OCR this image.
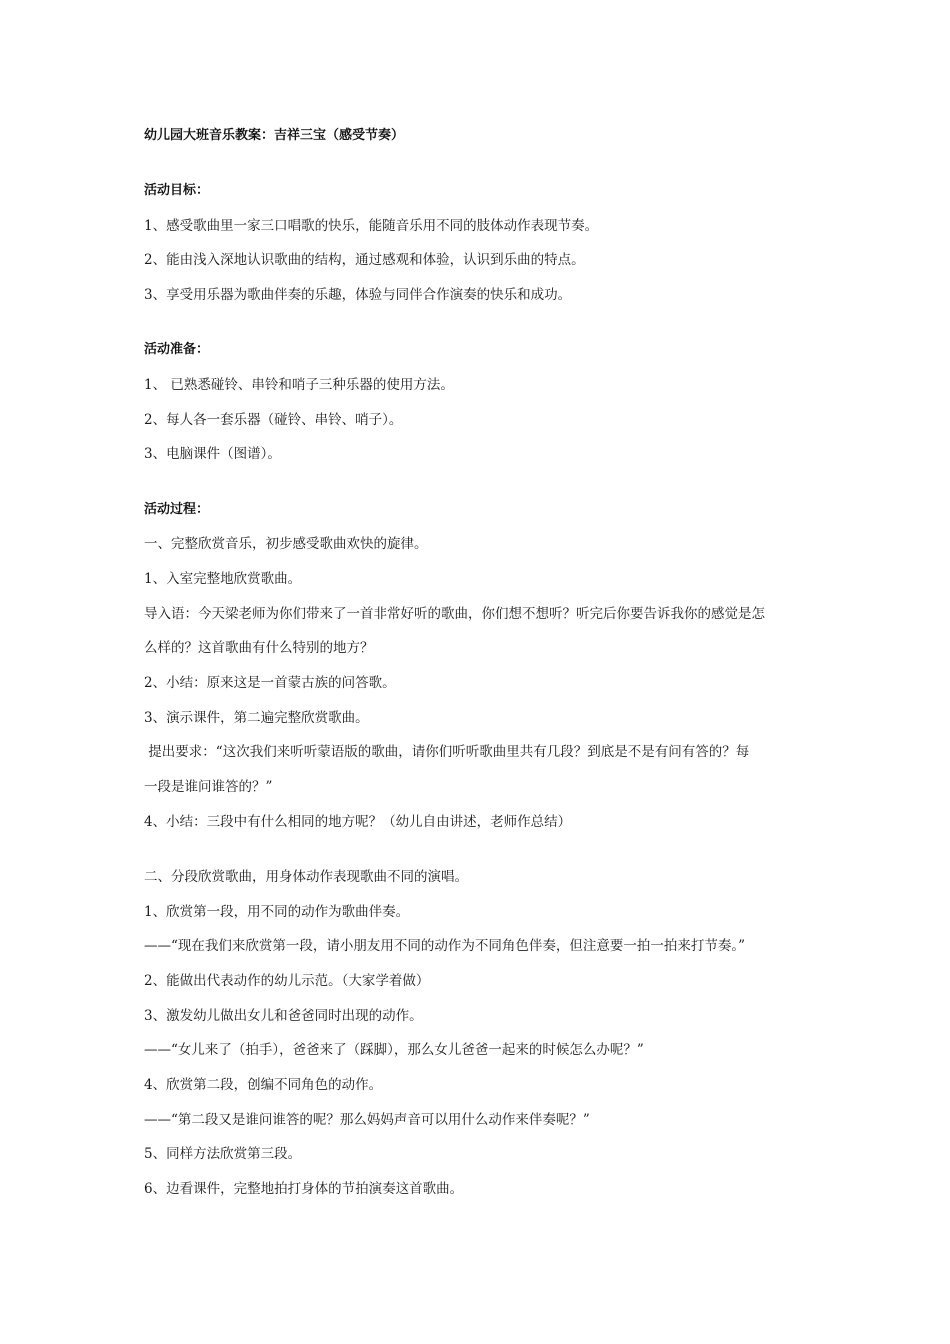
幼儿园大班音乐教案：吉祥三宝（感受节奏）
活动目标：
1、感受歌曲里一家三口唱歌的快乐，能随音乐用不同的肢体动作表现节奏。
2、能由浅入深地认识歌曲的结构，通过感观和体验，认识到乐曲的特点。
3、享受用乐器为歌曲伴奏的乐趣，体验与同伴合作演奏的快乐和成功。
活动准备：
1、 已熟悉碰铃、串铃和哨子三种乐器的使用方法。
2、每人各一套乐器（碰铃、串铃、哨子）。
3、电脑课件（图谱）。
活动过程：
一、完整欣赏音乐，初步感受歌曲欢快的旋律。
1、入室完整地欣赏歌曲。
导入语：今天梁老师为你们带来了一首非常好听的歌曲，你们想不想听？听完后你要告诉我你的感觉是怎
么样的？这首歌曲有什么特别的地方？
2、小结：原来这是一首蒙古族的问答歌。
3、演示课件，第二遍完整欣赏歌曲。
提出要求：“这次我们来听听蒙语版的歌曲，请你们听听歌曲里共有几段？到底是不是有问有答的？每
一段是谁问谁答的？”
4、小结：三段中有什么相同的地方呢？（幼儿自由讲述，老师作总结）
二、分段欣赏歌曲，用身体动作表现歌曲不同的演唱。
1、欣赏第一段，用不同的动作为歌曲伴奏。
——“现在我们来欣赏第一段，请小朋友用不同的动作为不同角色伴奏，但注意要一拍一拍来打节奏。”
2、能做出代表动作的幼儿示范。（大家学着做）
3、激发幼儿做出女儿和爸爸同时出现的动作。
——“女儿来了（拍手），爸爸来了（踩脚），那么女儿爸爸一起来的时候怎么办呢？”
4、欣赏第二段，创编不同角色的动作。
——“第二段又是谁问谁答的呢？那么妈妈声音可以用什么动作来伴奏呢？”
5、同样方法欣赏第三段。
6、边看课件，完整地拍打身体的节拍演奏这首歌曲。
